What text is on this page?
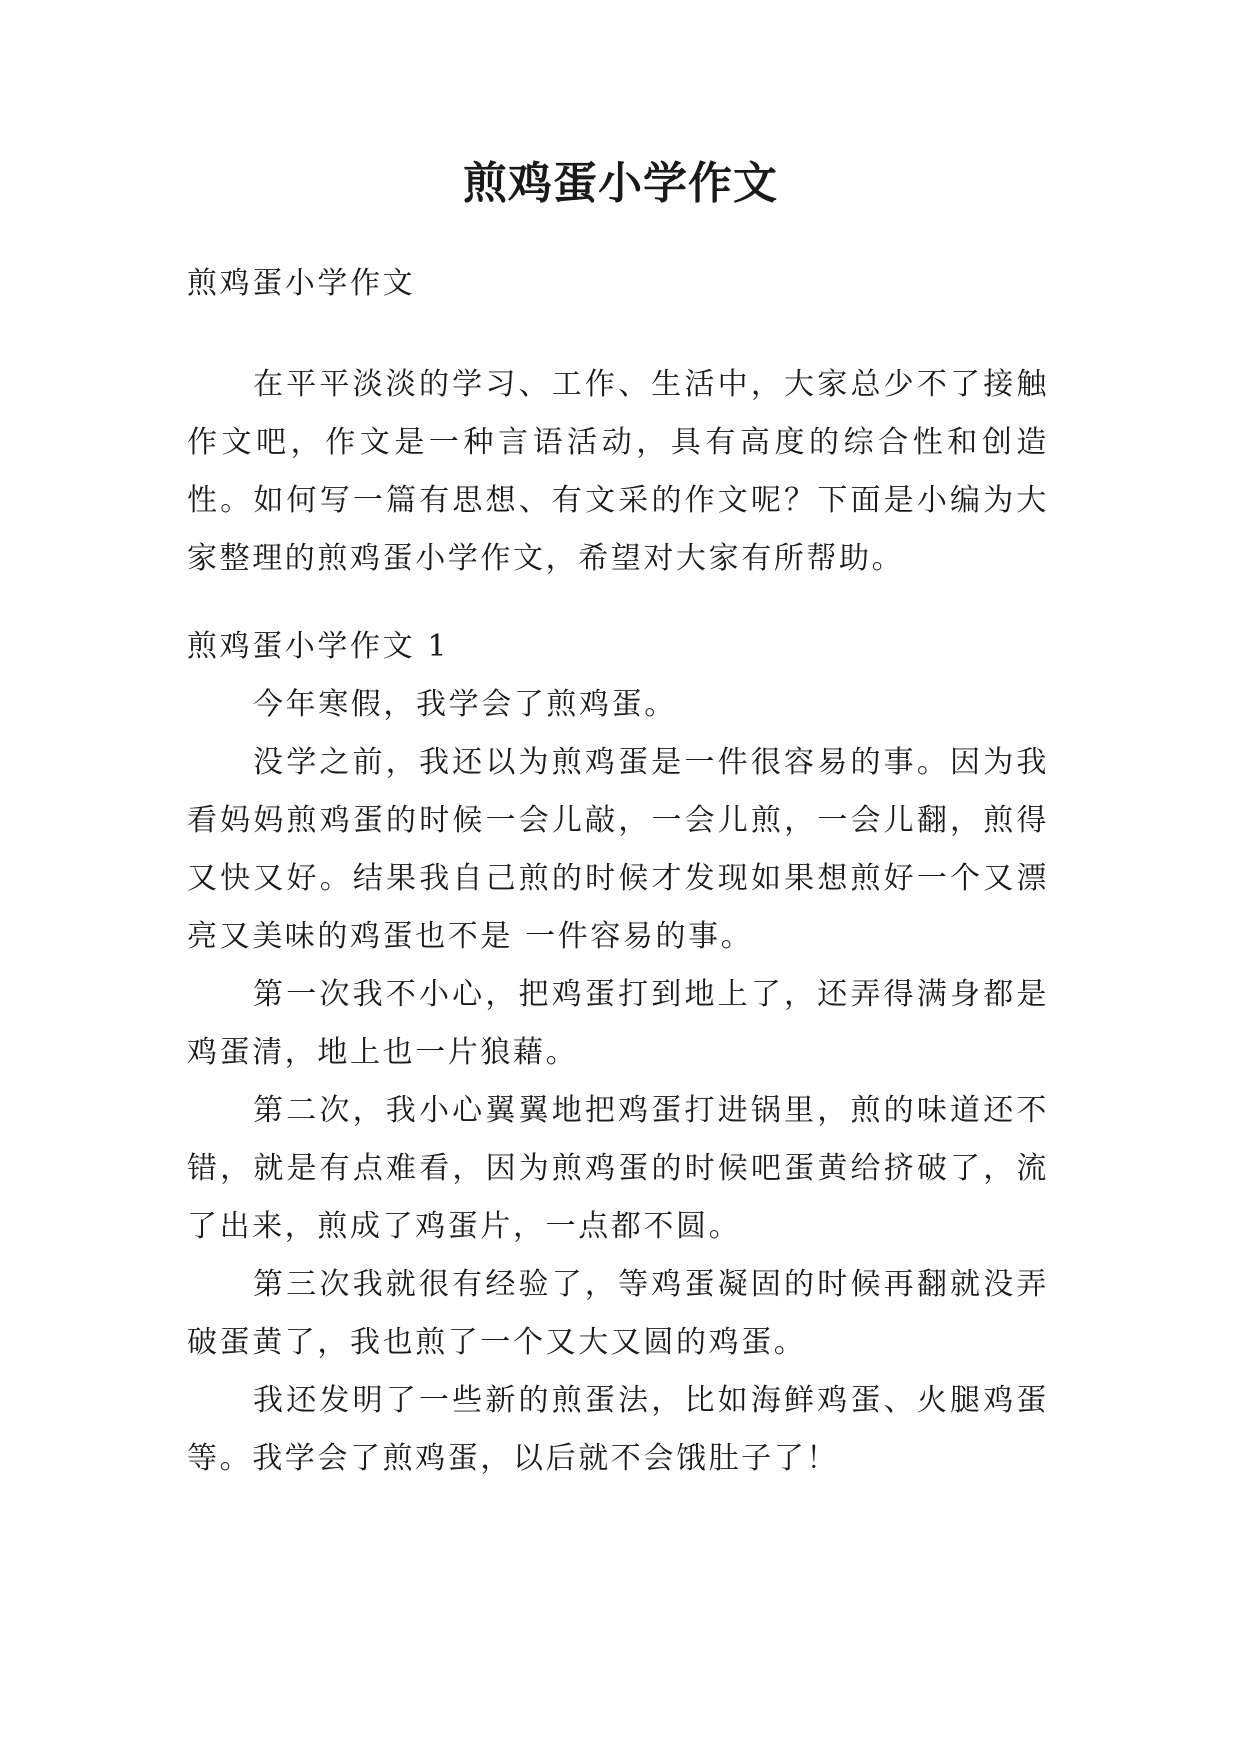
煎鸡蛋小学作文

煎鸡蛋小学作文

在平平淡淡的学习、工作、生活中，大家总少不了接触作文吧，作文是一种言语活动，具有高度的综合性和创造性。如何写一篇有思想、有文采的作文呢？下面是小编为大家整理的煎鸡蛋小学作文，希望对大家有所帮助。

煎鸡蛋小学作文 1

今年寒假，我学会了煎鸡蛋。

没学之前，我还以为煎鸡蛋是一件很容易的事。因为我看妈妈煎鸡蛋的时候一会儿敲，一会儿煎，一会儿翻，煎得又快又好。结果我自己煎的时候才发现如果想煎好一个又漂亮又美味的鸡蛋也不是 一件容易的事。

第一次我不小心，把鸡蛋打到地上了，还弄得满身都是鸡蛋清，地上也一片狼藉。

第二次，我小心翼翼地把鸡蛋打进锅里，煎的味道还不错，就是有点难看，因为煎鸡蛋的时候吧蛋黄给挤破了，流了出来，煎成了鸡蛋片，一点都不圆。

第三次我就很有经验了，等鸡蛋凝固的时候再翻就没弄破蛋黄了，我也煎了一个又大又圆的鸡蛋。

我还发明了一些新的煎蛋法，比如海鲜鸡蛋、火腿鸡蛋等。我学会了煎鸡蛋，以后就不会饿肚子了！
